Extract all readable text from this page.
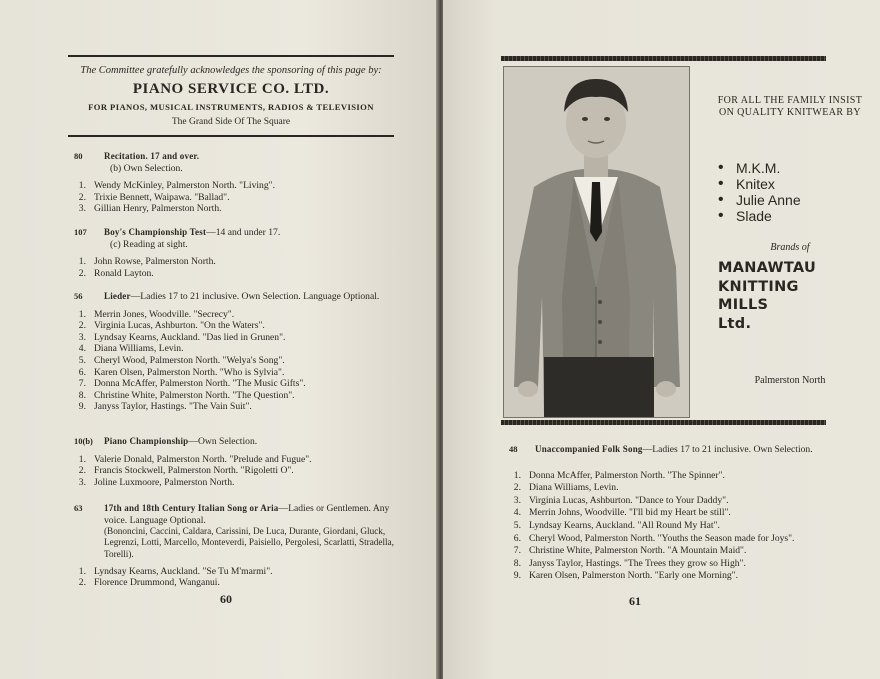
The Committee gratefully acknowledges the sponsoring of this page by:
PIANO SERVICE CO. LTD.
FOR PIANOS, MUSICAL INSTRUMENTS, RADIOS & TELEVISION
The Grand Side Of The Square
80 Recitation. 17 and over.
(b) Own Selection.
1. Wendy McKinley, Palmerston North. "Living".
2. Trixie Bennett, Waipawa. "Ballad".
3. Gillian Henry, Palmerston North.
107 Boy's Championship Test—14 and under 17.
(c) Reading at sight.
1. John Rowse, Palmerston North.
2. Ronald Layton.
56 Lieder—Ladies 17 to 21 inclusive. Own Selection. Language Optional.
1. Merrin Jones, Woodville. "Secrecy".
2. Virginia Lucas, Ashburton. "On the Waters".
3. Lyndsay Kearns, Auckland. "Das lied in Grunen".
4. Diana Williams, Levin.
5. Cheryl Wood, Palmerston North. "Welya's Song".
6. Karen Olsen, Palmerston North. "Who is Sylvia".
7. Donna McAffer, Palmerston North. "The Music Gifts".
8. Christine White, Palmerston North. "The Question".
9. Janyss Taylor, Hastings. "The Vain Suit".
10(b) Piano Championship—Own Selection.
1. Valerie Donald, Palmerston North. "Prelude and Fugue".
2. Francis Stockwell, Palmerston North. "Rigoletti O".
3. Joline Luxmoore, Palmerston North.
63 17th and 18th Century Italian Song or Aria—Ladies or Gentlemen. Any voice. Language Optional.
(Bononcini, Caccini, Caldara, Carissini, De Luca, Durante, Giordani, Gluck, Legrenzi, Lotti, Marcello, Monteverdi, Paisiello, Pergolesi, Scarlatti, Stradella, Torelli).
1. Lyndsay Kearns, Auckland. "Se Tu M'marmi".
2. Florence Drummond, Wanganui.
60
FOR ALL THE FAMILY INSIST ON QUALITY KNITWEAR BY
• M.K.M.
• Knitex
• Julie Anne
• Slade
Brands of
MANAWTAU
KNITTING
MILLS
Ltd.
Palmerston North
48 Unaccompanied Folk Song—Ladies 17 to 21 inclusive. Own Selection.
1. Donna McAffer, Palmerston North. "The Spinner".
2. Diana Williams, Levin.
3. Virginia Lucas, Ashburton. "Dance to Your Daddy".
4. Merrin Johns, Woodville. "I'll bid my Heart be still".
5. Lyndsay Kearns, Auckland. "All Round My Hat".
6. Cheryl Wood, Palmerston North. "Youths the Season made for Joys".
7. Christine White, Palmerston North. "A Mountain Maid".
8. Janyss Taylor, Hastings. "The Trees they grow so High".
9. Karen Olsen, Palmerston North. "Early one Morning".
61
